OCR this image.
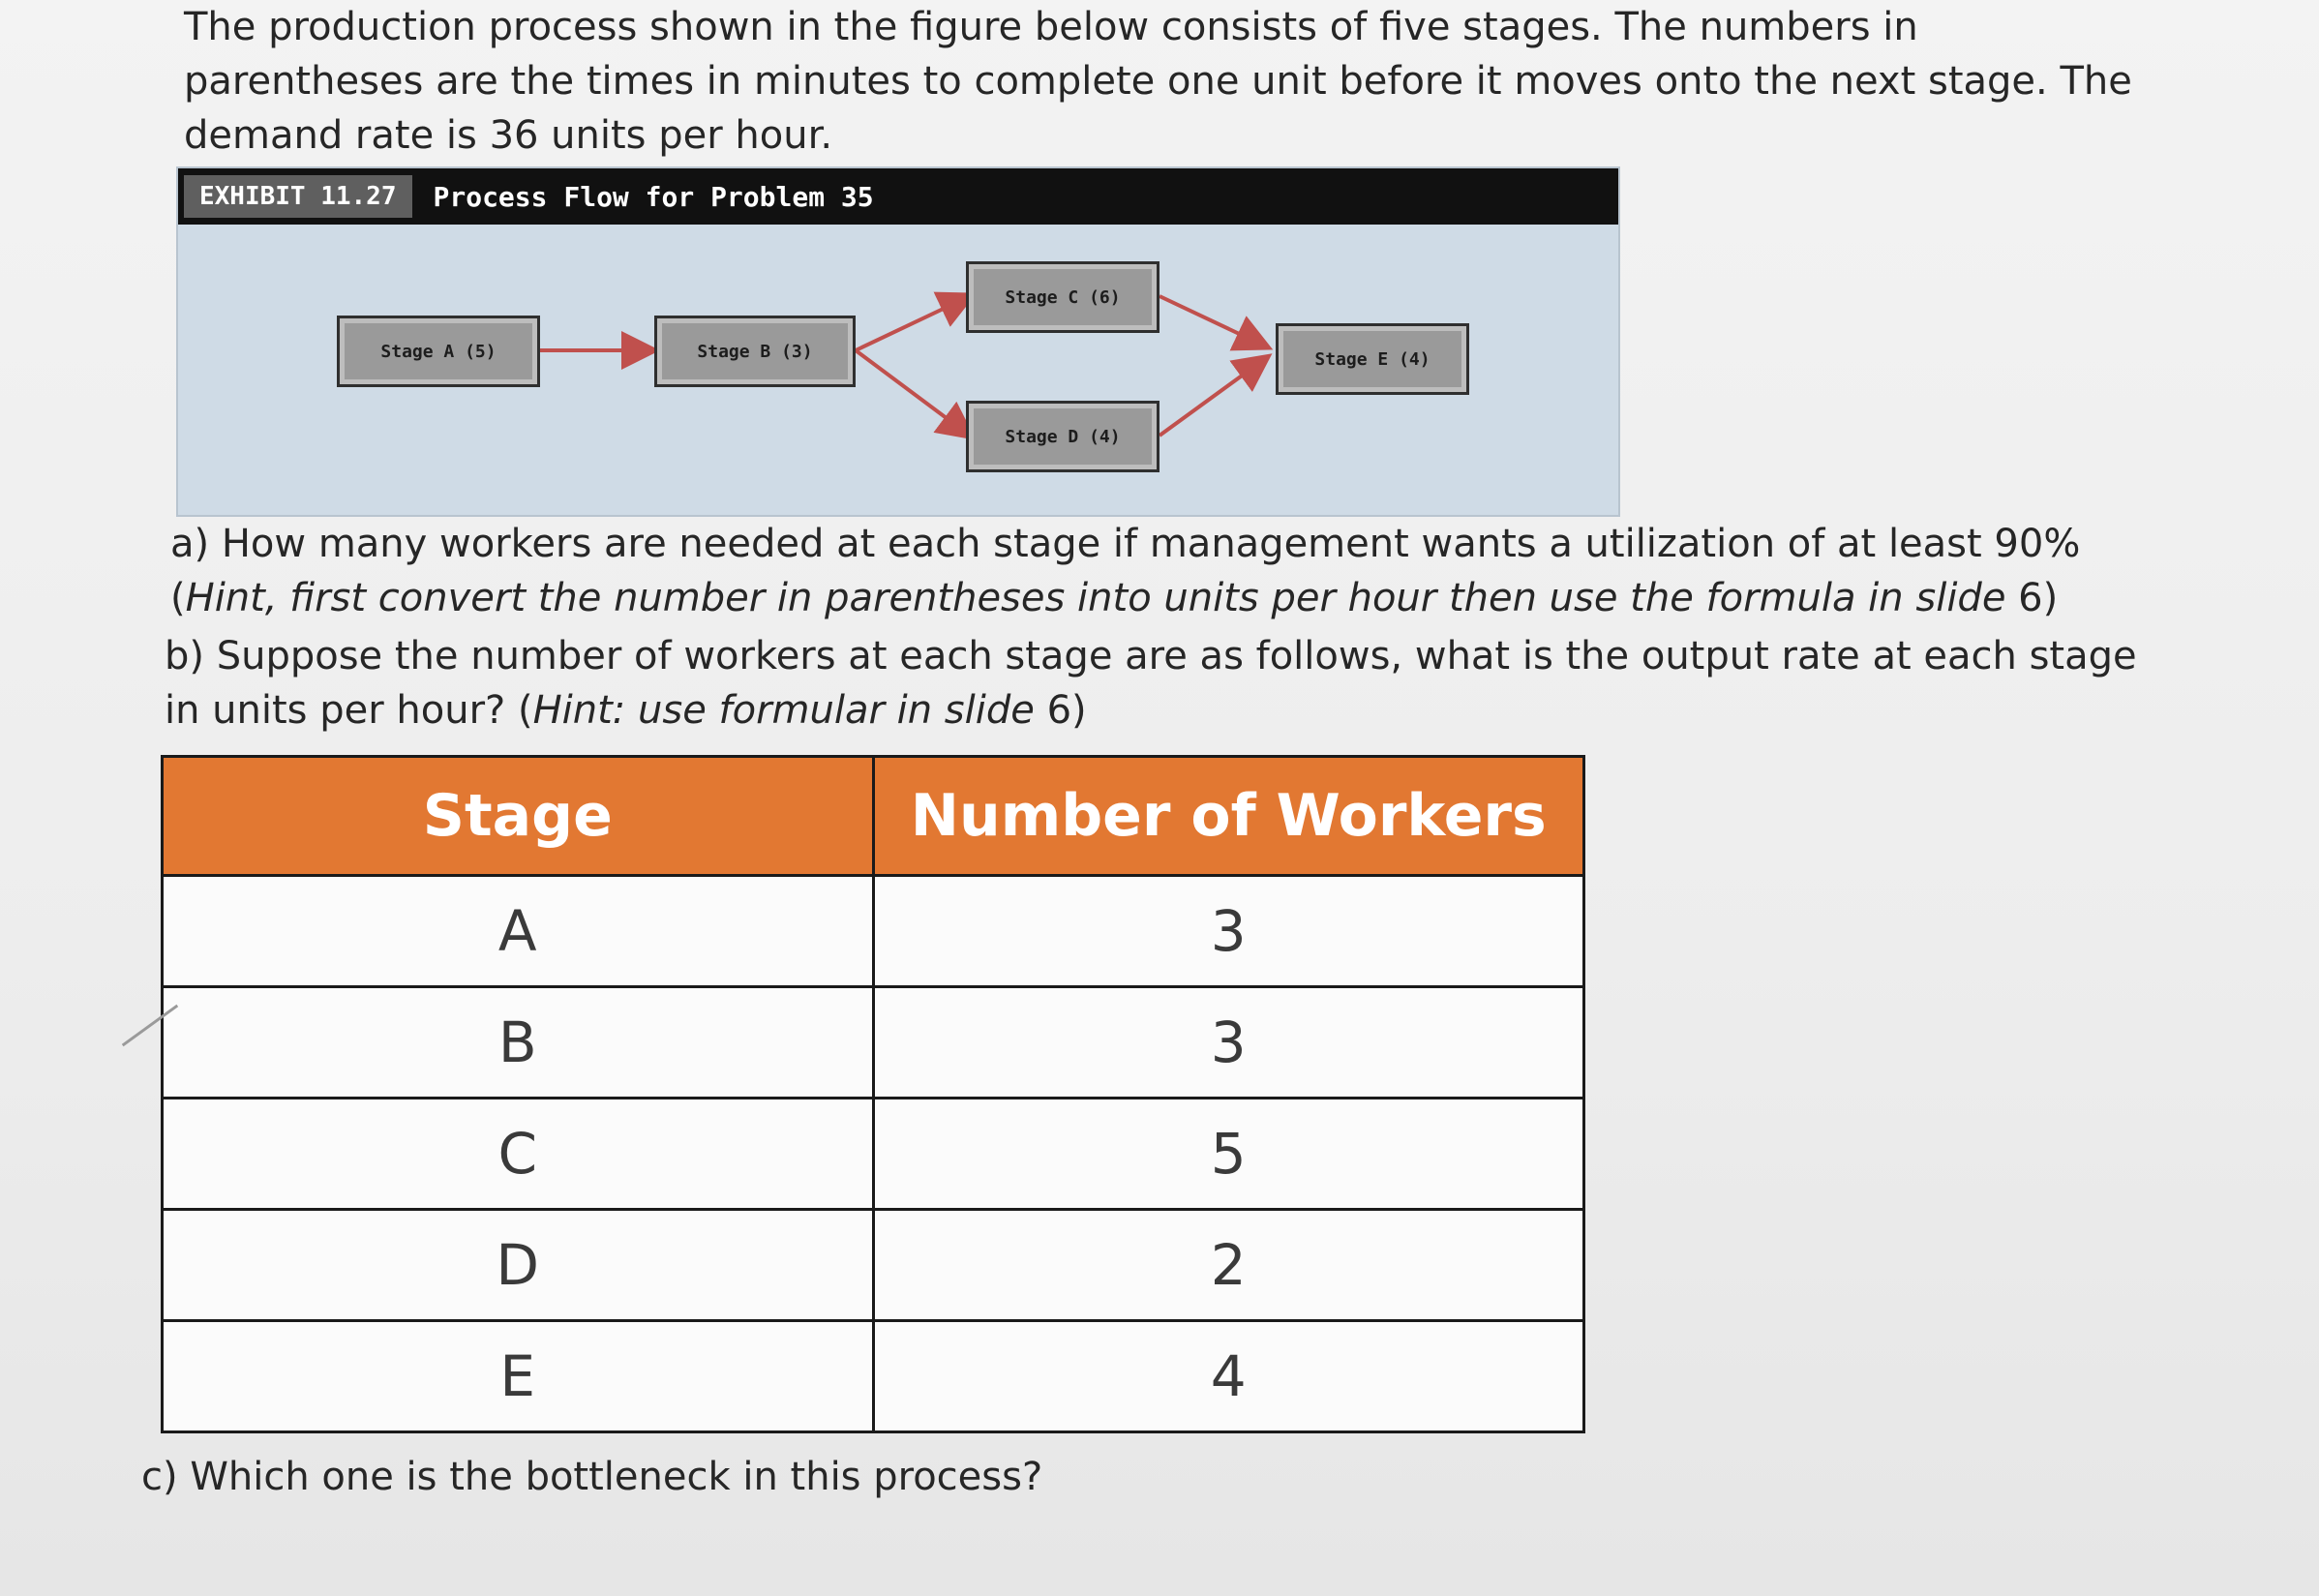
The production process shown in the figure below consists of five stages. The numbers in parentheses are the times in minutes to complete one unit before it moves onto the next stage. The demand rate is 36 units per hour.

EXHIBIT 11.27	Process Flow for Problem 35
Stage A (5)	Stage B (3)
Stage C (6)
Stage D (4)
Stage E (4)

a) How many workers are needed at each stage if management wants a utilization of at least 90% (Hint, first convert the number in parentheses into units per hour then use the formula in slide 6)

b) Suppose the number of workers at each stage are as follows, what is the output rate at each stage in units per hour? (Hint: use formular in slide 6)

Stage	Number of Workers
A	3
B	3
C	5
D	2
E	4

c) Which one is the bottleneck in this process?
